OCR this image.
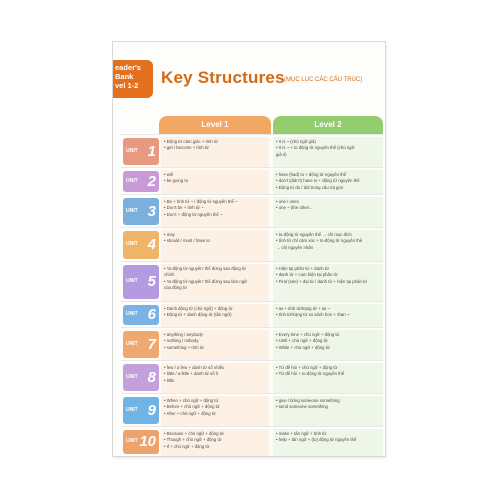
eader's
Bank
vel 1-2	Key Structures (MỤC LỤC CÁC CẤU TRÚC)
Level 1	Level 2
UNIT 1
• Động từ cảm giác + tính từ
• get / become + tính từ
• It is ~ (chủ ngữ giả)
• It is ~ + to động từ nguyên thể (chủ ngữ
giả it)
UNIT 2 • will
• be going to
• have (had) to + động từ nguyên thể
• don't (didn't) have to + động từ nguyên thể
• Động từ do / did trong câu rút gọn
UNIT 3
• Be + tính từ ~ / động từ nguyên thể ~
• Don't be + tính từ ~
• Don't + động từ nguyên thể ~
• one / ones
• one ~ (the other...
UNIT 4
• may
• should / must / have to
• to-động từ nguyên thể → chỉ mục đích
• tính từ chỉ cảm xúc + to-động từ nguyên thể
→ chỉ nguyên nhân
UNIT 5
• 'to-động từ nguyên' thể đứng sau động từ
chính
• 'to-động từ nguyên' thể đứng sau làm ngữ
của động từ
• Hiện tại phân từ + danh từ
• danh từ + cụm hiện tại phân từ
• Find (see) + đại từ / danh từ + hiện tại phân từ
UNIT 6 • Danh động từ (chủ ngữ) + động từ
• Động từ + danh động từ (tân ngữ)
• as + tính từ/trạng từ + as ~
• tính từ/trạng từ so sánh hơn + than ~
UNIT 7
• anything / anybody
• nothing / nobody
• something + tính từ
• Every time + chủ ngữ + động từ
• Until + chủ ngữ + động từ
• While + chủ ngữ + động từ
UNIT 8
• few / a few + danh từ số nhiều
• little / a little + danh từ số ít
• little
• Từ để hỏi + chủ ngữ + động từ
• Từ để hỏi + to-động từ nguyên thể
UNIT 9
• When + chủ ngữ + động từ
• Before + chủ ngữ + động từ
• After + chủ ngữ + động từ
• give / bring someone something
• send someone something
UNIT 10 • Because + chủ ngữ + động từ
• Though + chủ ngữ + động từ
• If + chủ ngữ + động từ
• make + tân ngữ + tính từ
• help + tân ngữ + (to) động từ nguyên thể
